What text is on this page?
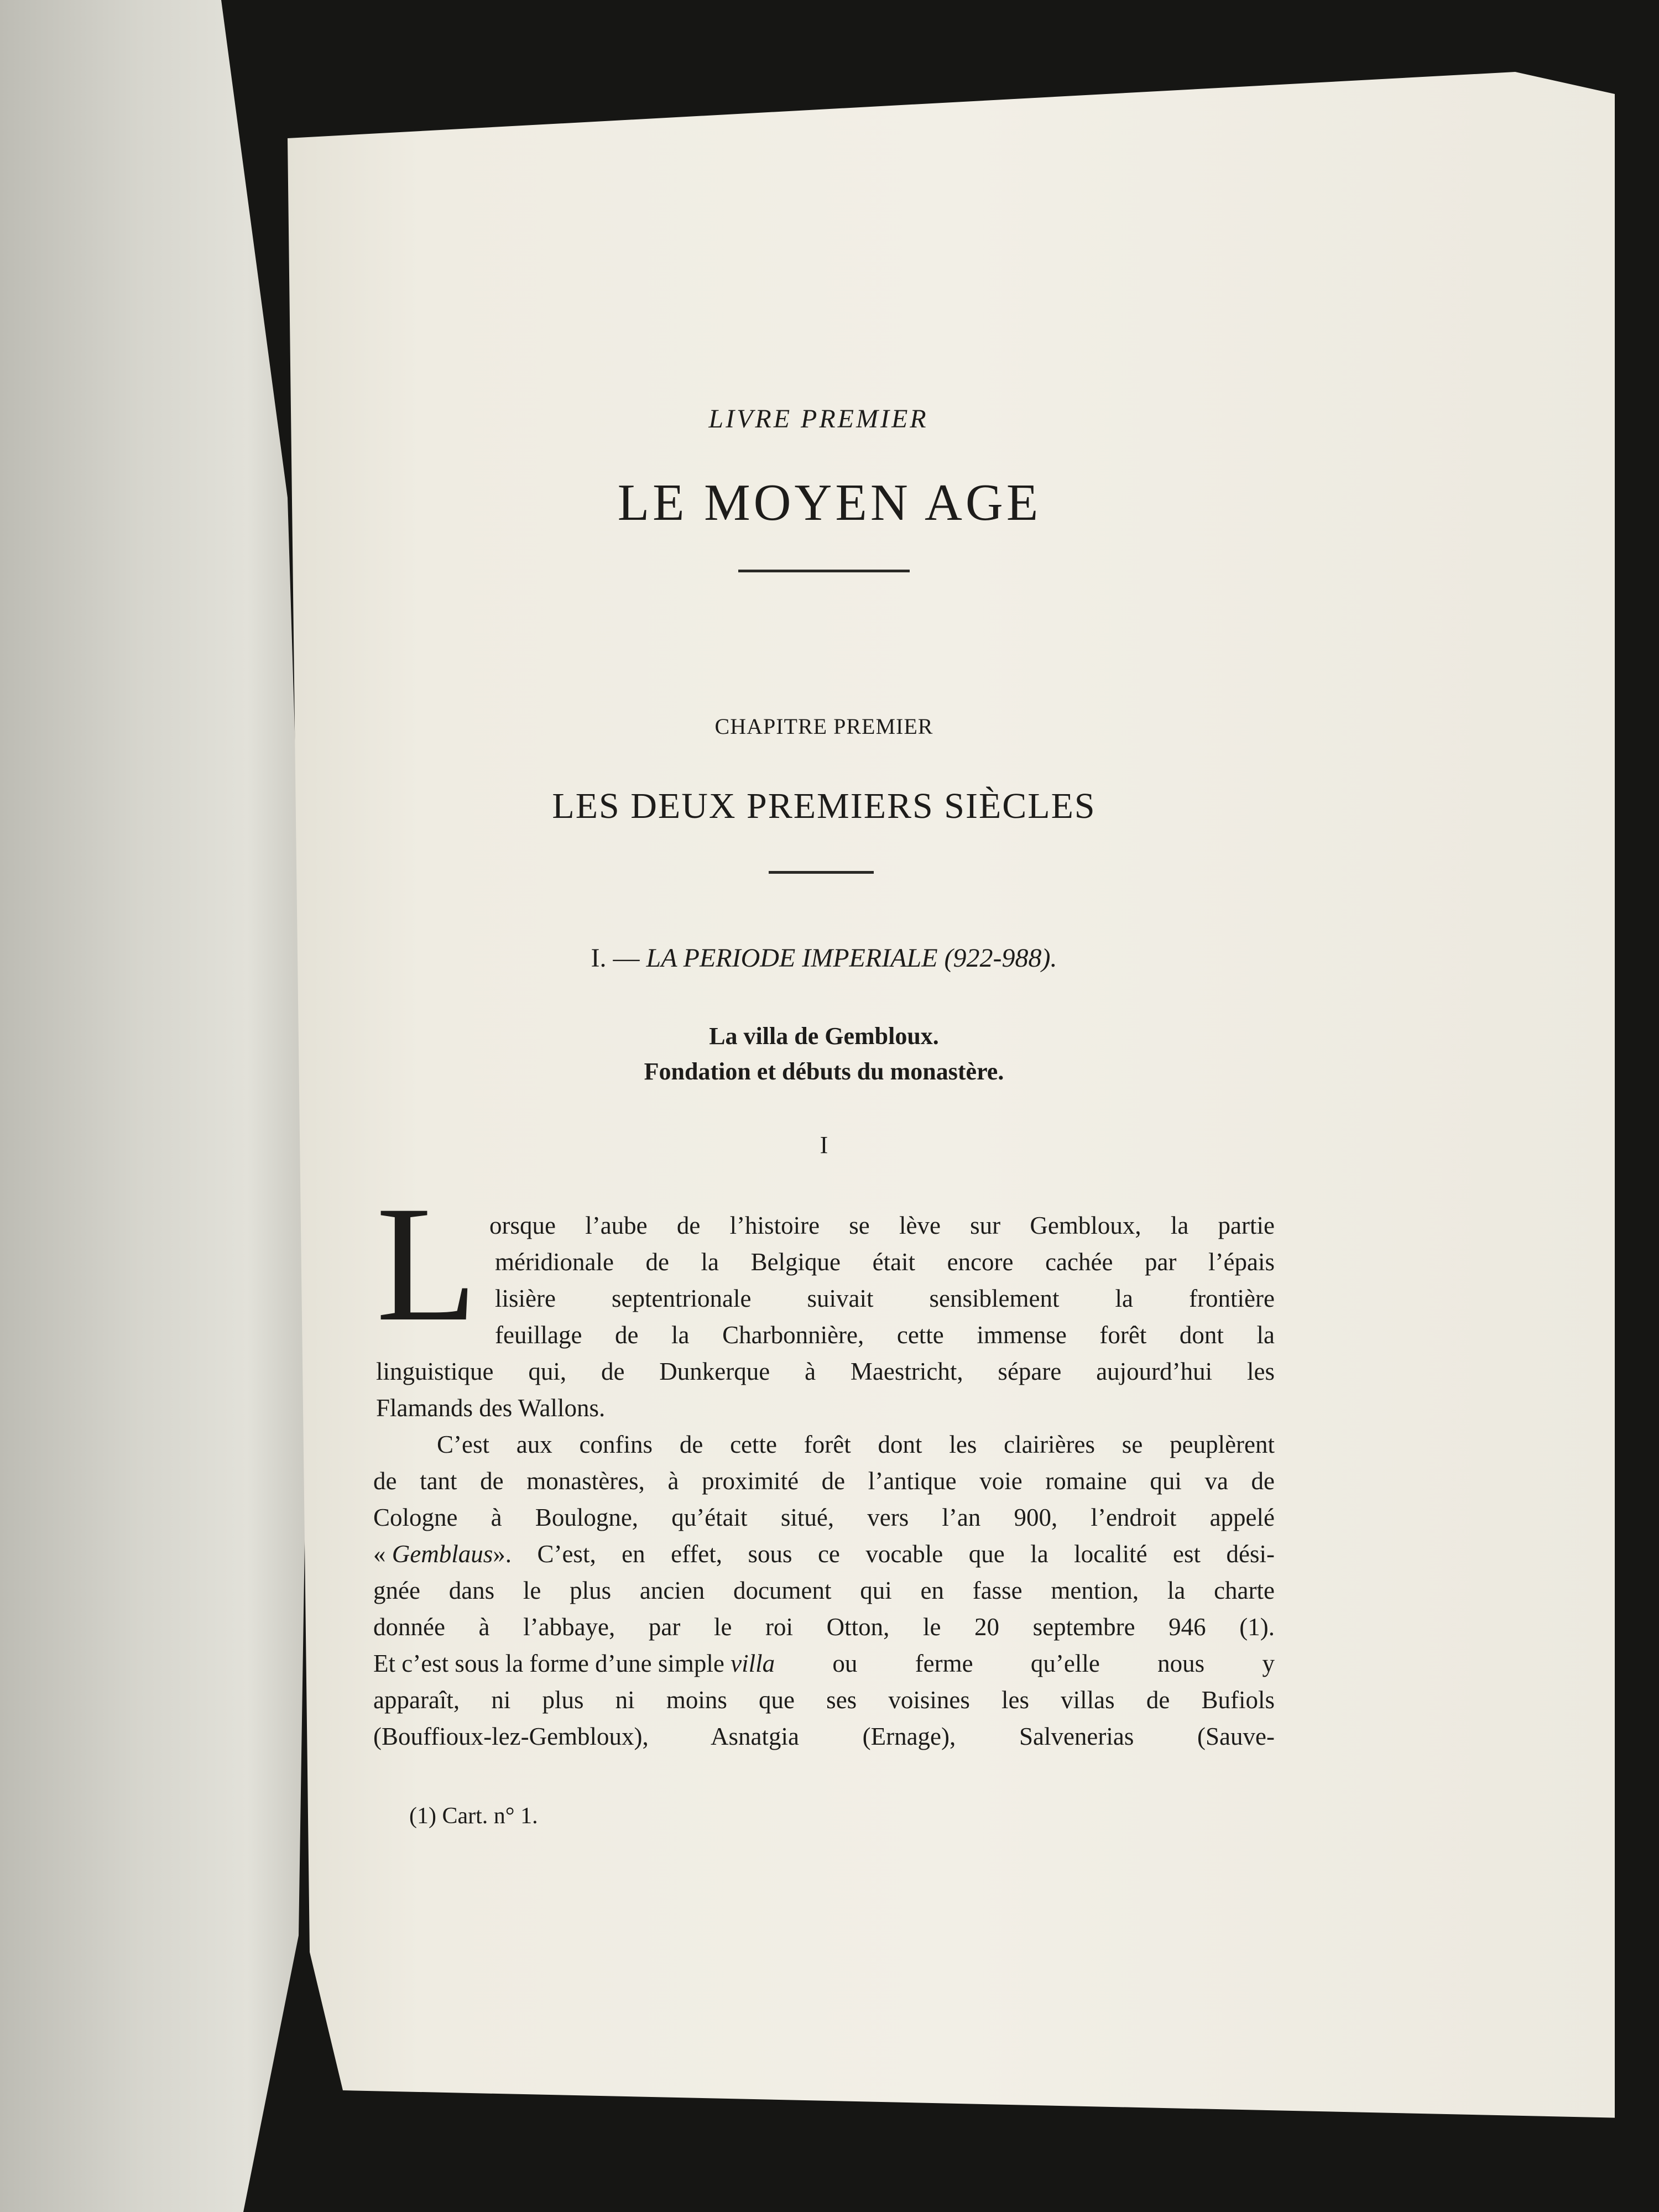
LIVRE PREMIER
LE MOYEN AGE
CHAPITRE PREMIER
LES DEUX PREMIERS SIÈCLES
I. — LA PERIODE IMPERIALE (922-988).
La villa de Gembloux.
Fondation et débuts du monastère.
I
L orsque l’aube de l’histoire se lève sur Gembloux, la partie
méridionale de la Belgique était encore cachée par l’épais
lisière septentrionale suivait sensiblement la frontière
feuillage de la Charbonnière, cette immense forêt dont la
linguistique qui, de Dunkerque à Maestricht, sépare aujourd’hui les
Flamands des Wallons.
C’est aux confins de cette forêt dont les clairières se peuplèrent
de tant de monastères, à proximité de l’antique voie romaine qui va de
Cologne à Boulogne, qu’était situé, vers l’an 900, l’endroit appelé
« Gemblaus ». C’est, en effet, sous ce vocable que la localité est dési-
gnée dans le plus ancien document qui en fasse mention, la charte
donnée à l’abbaye, par le roi Otton, le 20 septembre 946 (1).
Et c’est sous la forme d’une simple villa ou ferme qu’elle nous y
apparaît, ni plus ni moins que ses voisines les villas de Bufiols
(Bouffioux-lez-Gembloux), Asnatgia (Ernage), Salvenerias (Sauve-
(1) Cart. n° 1.
